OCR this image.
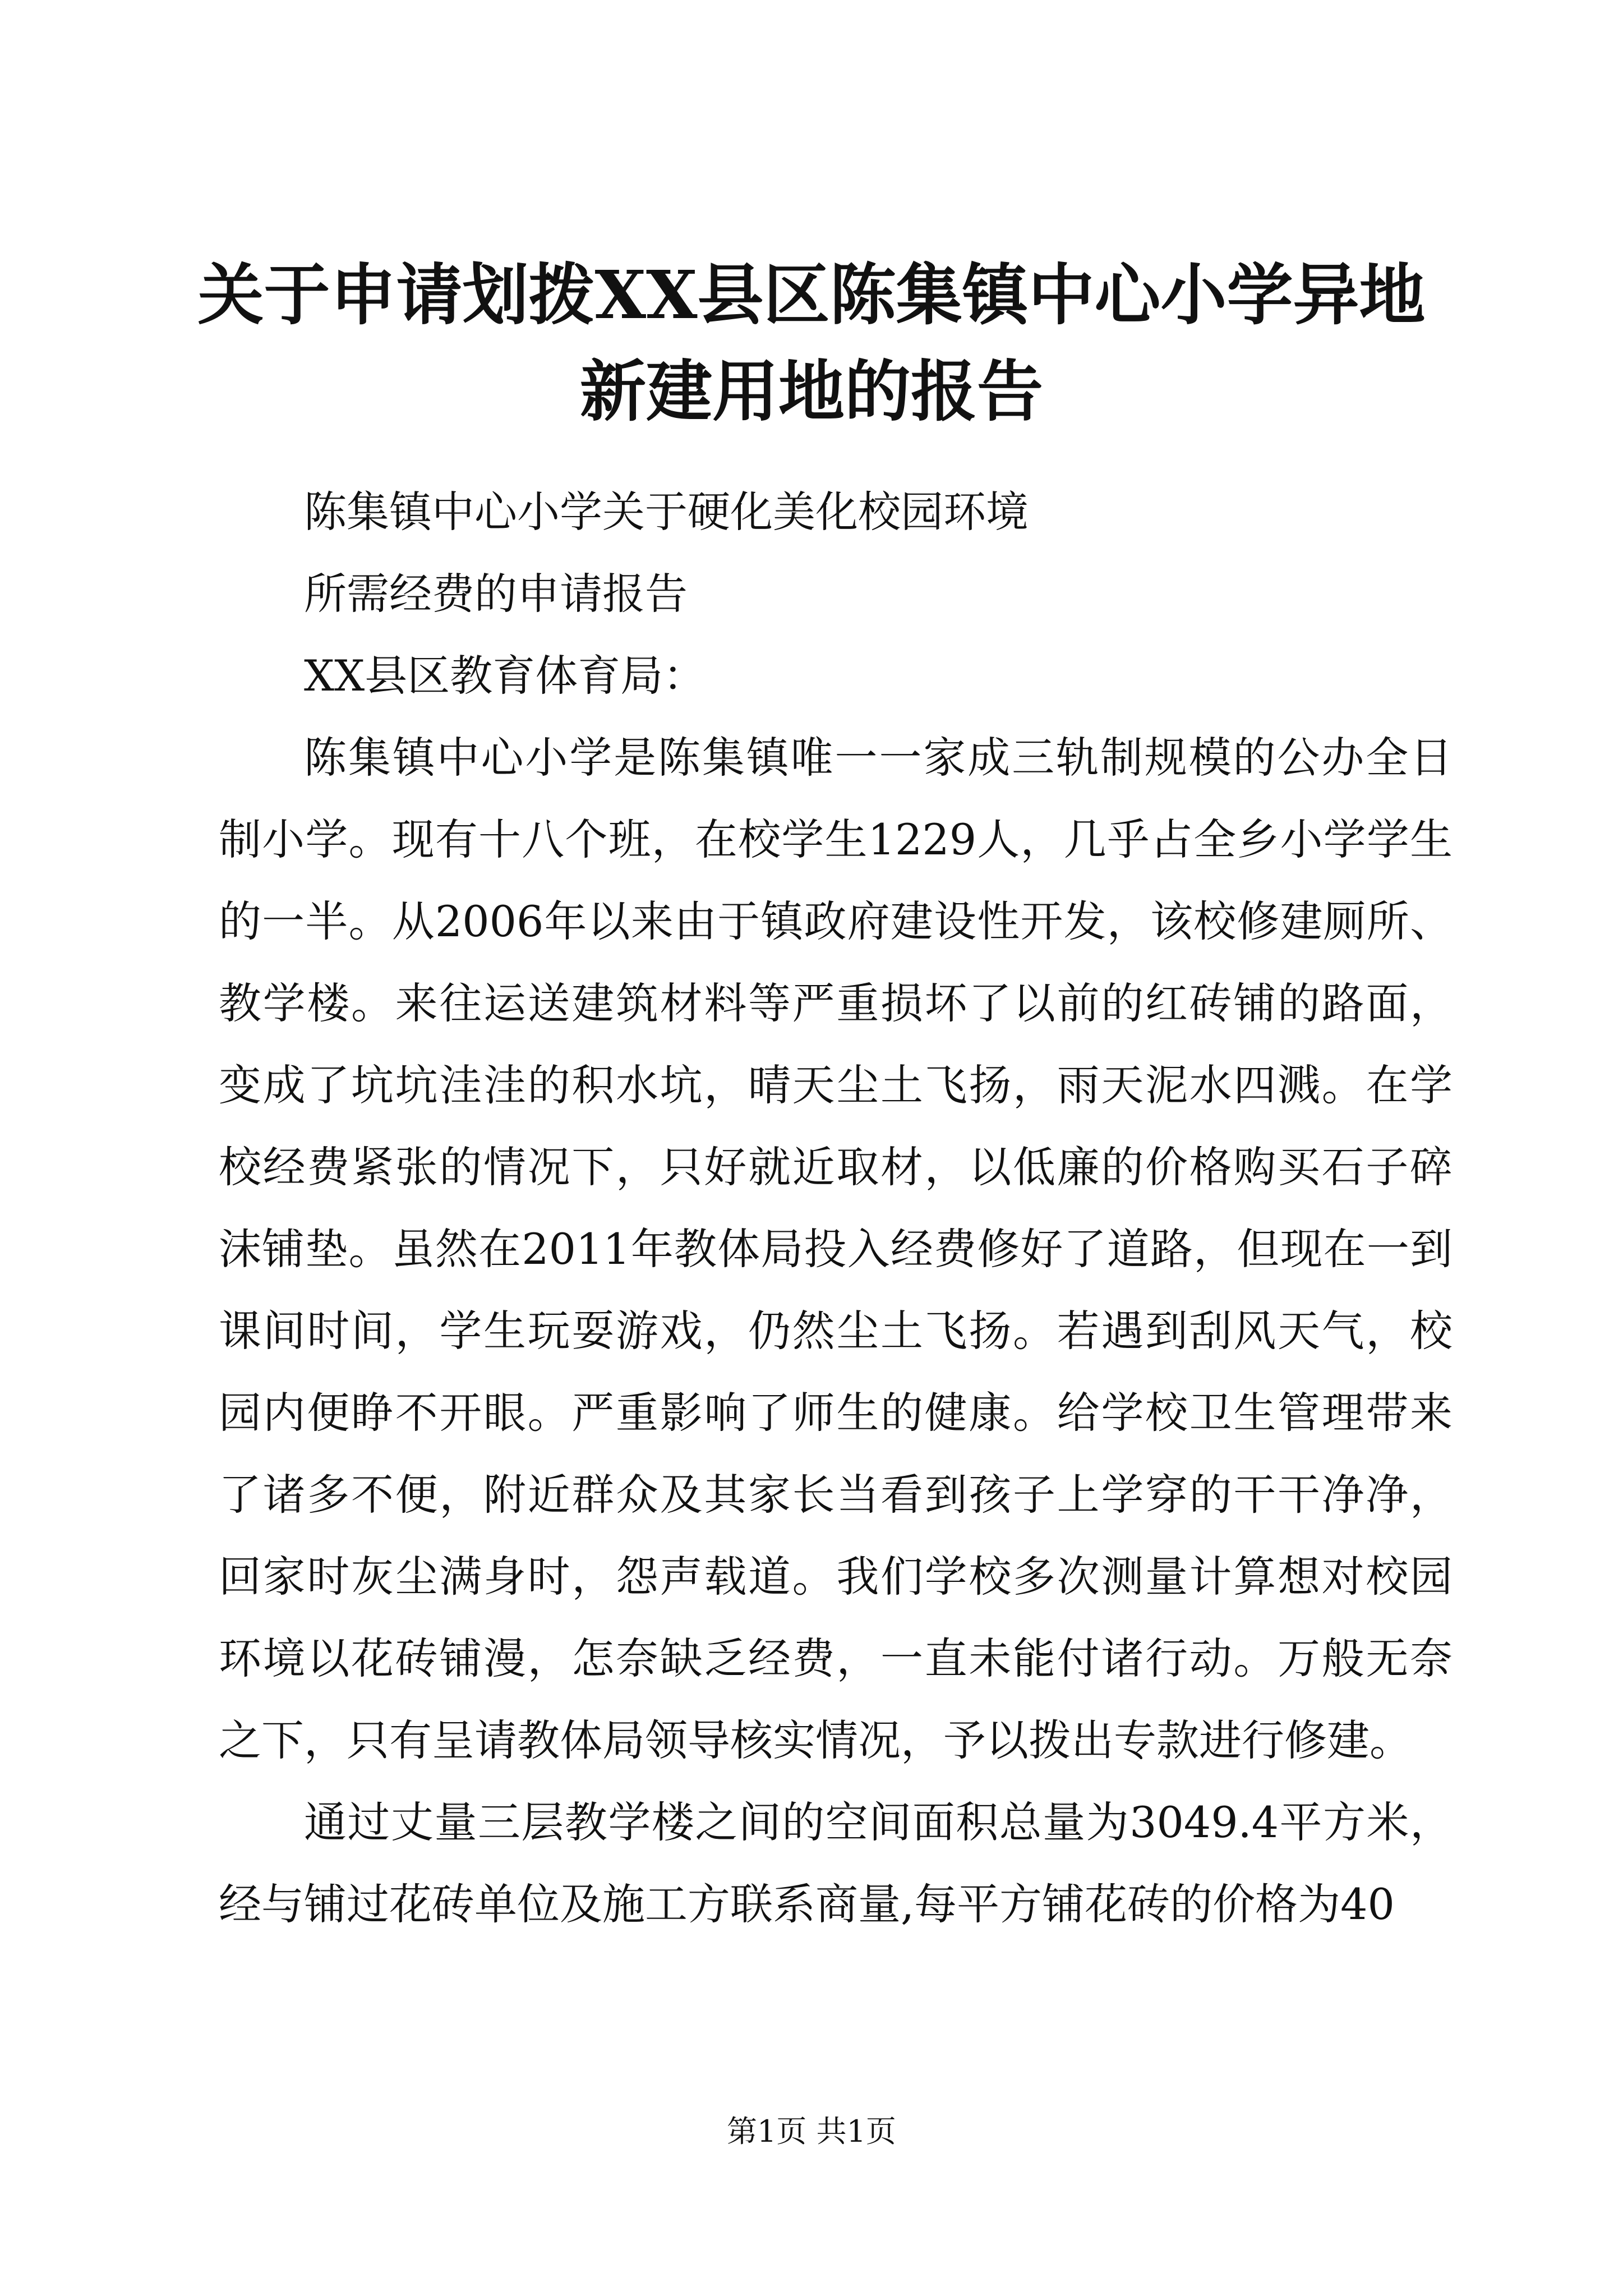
关于申请划拨XX县区陈集镇中心小学异地新建用地的报告

陈集镇中心小学关于硬化美化校园环境

所需经费的申请报告

XX县区教育体育局：

陈集镇中心小学是陈集镇唯一一家成三轨制规模的公办全日制小学。现有十八个班，在校学生1229人，几乎占全乡小学学生的一半。从2006年以来由于镇政府建设性开发，该校修建厕所、教学楼。来往运送建筑材料等严重损坏了以前的红砖铺的路面，变成了坑坑洼洼的积水坑，晴天尘土飞扬，雨天泥水四溅。在学校经费紧张的情况下，只好就近取材，以低廉的价格购买石子碎沫铺垫。虽然在2011年教体局投入经费修好了道路，但现在一到课间时间，学生玩耍游戏，仍然尘土飞扬。若遇到刮风天气，校园内便睁不开眼。严重影响了师生的健康。给学校卫生管理带来了诸多不便，附近群众及其家长当看到孩子上学穿的干干净净，回家时灰尘满身时，怨声载道。我们学校多次测量计算想对校园环境以花砖铺漫，怎奈缺乏经费，一直未能付诸行动。万般无奈之下，只有呈请教体局领导核实情况，予以拨出专款进行修建。

通过丈量三层教学楼之间的空间面积总量为3049.4平方米，经与铺过花砖单位及施工方联系商量,每平方铺花砖的价格为40

第1页 共1页
